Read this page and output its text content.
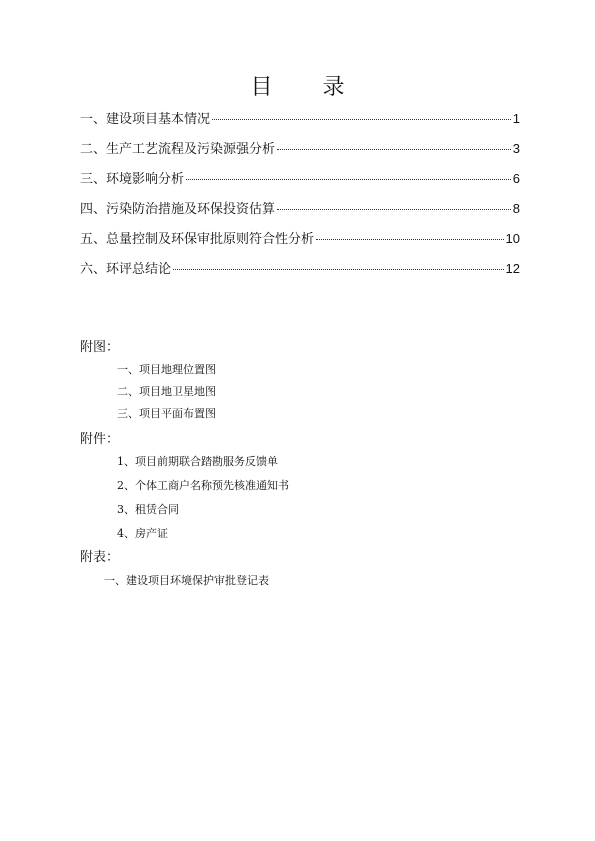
目　录
一、建设项目基本情况	1
二、生产工艺流程及污染源强分析	3
三、环境影响分析	6
四、污染防治措施及环保投资估算	8
五、总量控制及环保审批原则符合性分析	10
六、环评总结论	12
附图：
一、项目地理位置图
二、项目地卫星地图
三、项目平面布置图
附件：
1、项目前期联合踏勘服务反馈单
2、个体工商户名称预先核准通知书
3、租赁合同
4、房产证
附表：
一、建设项目环境保护审批登记表
